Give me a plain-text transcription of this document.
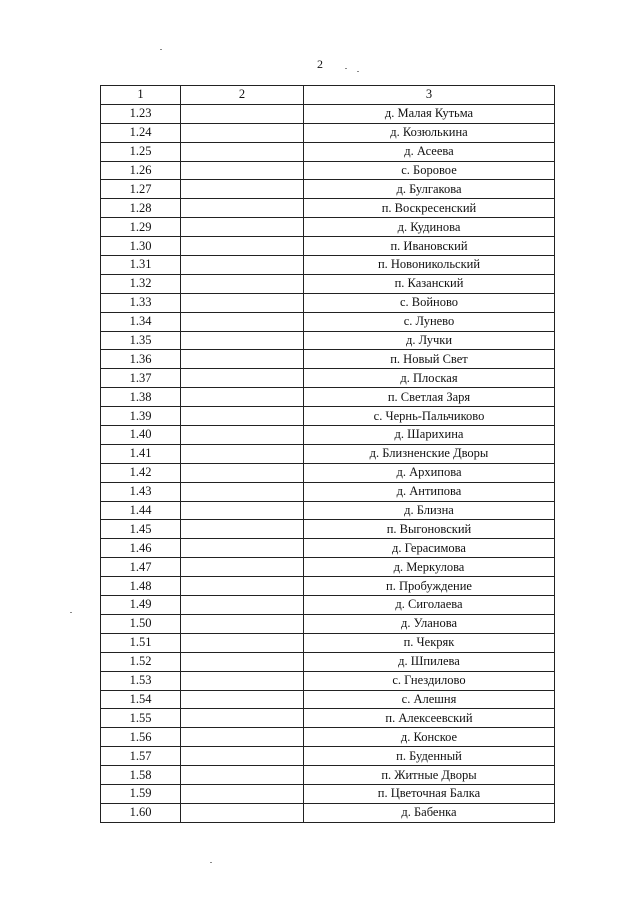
2
1	2	3
1.23		д. Малая Кутьма
1.24		д. Козюлькина
1.25		д. Асеева
1.26		с. Боровое
1.27		д. Булгакова
1.28		п. Воскресенский
1.29		д. Кудинова
1.30		п. Ивановский
1.31		п. Новоникольский
1.32		п. Казанский
1.33		с. Войново
1.34		с. Лунево
1.35		д. Лучки
1.36		п. Новый Свет
1.37		д. Плоская
1.38		п. Светлая Заря
1.39		с. Чернь-Пальчиково
1.40		д. Шарихина
1.41		д. Близненские Дворы
1.42		д. Архипова
1.43		д. Антипова
1.44		д. Близна
1.45		п. Выгоновский
1.46		д. Герасимова
1.47		д. Меркулова
1.48		п. Пробуждение
1.49		д. Сиголаева
1.50		д. Уланова
1.51		п. Чекряк
1.52		д. Шпилева
1.53		с. Гнездилово
1.54		с. Алешня
1.55		п. Алексеевский
1.56		д. Конское
1.57		п. Буденный
1.58		п. Житные Дворы
1.59		п. Цветочная Балка
1.60		д. Бабенка
